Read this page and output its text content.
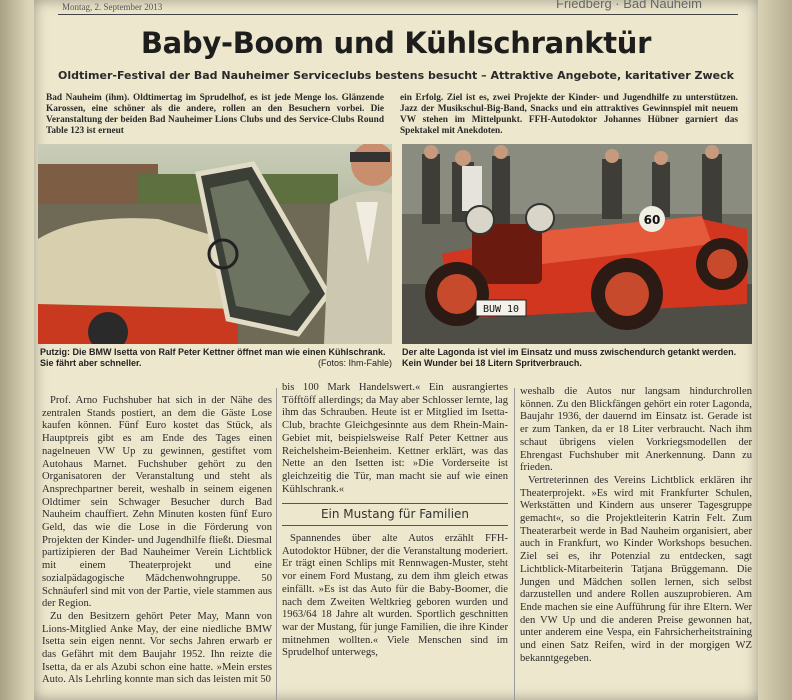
Montag, 2. September 2013	Friedberg · Bad Nauheim
Baby-Boom und Kühlschranktür
Oldtimer-Festival der Bad Nauheimer Serviceclubs bestens besucht – Attraktive Angebote, karitativer Zweck
Bad Nauheim (ihm). Oldtimertag im Sprudelhof, es ist jede Menge los. Glänzende Karossen, eine schöner als die andere, rollen an den Besuchern vorbei. Die Veranstaltung der beiden Bad Nauheimer Lions Clubs und des Service-Clubs Round Table 123 ist erneut
ein Erfolg. Ziel ist es, zwei Projekte der Kinder- und Jugendhilfe zu unterstützen. Jazz der Musikschul-Big-Band, Snacks und ein attraktives Gewinnspiel mit neuem VW stehen im Mittelpunkt. FFH-Autodoktor Johannes Hübner garniert das Spektakel mit Anekdoten.
60
BUW 10
Putzig: Die BMW Isetta von Ralf Peter Kettner öffnet man wie einen Kühlschrank. Sie fährt aber schneller.	(Fotos: Ihm-Fahle)
Der alte Lagonda ist viel im Einsatz und muss zwischendurch getankt werden. Kein Wunder bei 18 Litern Spritverbrauch.

Prof. Arno Fuchshuber hat sich in der Nähe des zentralen Stands postiert, an dem die Gäste Lose kaufen können. Fünf Euro kostet das Stück, als Hauptpreis gibt es am Ende des Tages einen nagelneuen VW Up zu gewinnen, gestiftet vom Autohaus Marnet. Fuchshuber gehört zu den Organisatoren der Veranstaltung und steht als Ansprechpartner bereit, weshalb in seinem eigenen Oldtimer sein Schwager Besucher durch Bad Nauheim chauffiert. Zehn Minuten kosten fünf Euro Geld, das wie die Lose in die Förderung von Projekten der Kinder- und Jugendhilfe fließt. Diesmal partizipieren der Bad Nauheimer Verein Lichtblick mit einem Theaterprojekt und eine sozialpädagogische Mädchenwohngruppe. 50 Schnäuferl sind mit von der Partie, viele stammen aus der Region.

Zu den Besitzern gehört Peter May, Mann von Lions-Mitglied Anke May, der eine niedliche BMW Isetta sein eigen nennt. Vor sechs Jahren erwarb er das Gefährt mit dem Baujahr 1952. Ihn reizte die Isetta, da er als Azubi schon eine hatte. »Mein erstes Auto. Als Lehrling konnte man sich das leisten mit 50

bis 100 Mark Handelswert.« Ein ausrangiertes Töfftöff allerdings; da May aber Schlosser lernte, lag ihm das Schrauben. Heute ist er Mitglied im Isetta-Club, brachte Gleichgesinnte aus dem Rhein-Main-Gebiet mit, beispielsweise Ralf Peter Kettner aus Reichelsheim-Beienheim. Kettner erklärt, was das Nette an den Isetten ist: »Die Vorderseite ist gleichzeitig die Tür, man macht sie auf wie einen Kühlschrank.«

Ein Mustang für Familien

Spannendes über alte Autos erzählt FFH-Autodoktor Hübner, der die Veranstaltung moderiert. Er trägt einen Schlips mit Rennwagen-Muster, steht vor einem Ford Mustang, zu dem ihm gleich etwas einfällt. »Es ist das Auto für die Baby-Boomer, die nach dem Zweiten Weltkrieg geboren wurden und 1963/64 18 Jahre alt wurden. Sportlich geschnitten war der Mustang, für junge Familien, die ihre Kinder mitnehmen wollten.« Viele Menschen sind im Sprudelhof unterwegs,

weshalb die Autos nur langsam hindurchrollen können. Zu den Blickfängen gehört ein roter Lagonda, Baujahr 1936, der dauernd im Einsatz ist. Gerade ist er zum Tanken, da er 18 Liter verbraucht. Nach ihm schaut übrigens vielen Vorkriegsmodellen der Ehrengast Fuchshuber mit Anerkennung. Dann zu frieden.

Vertreterinnen des Vereins Lichtblick erklären ihr Theaterprojekt. »Es wird mit Frankfurter Schulen, Werkstätten und Kindern aus unserer Tagesgruppe gemacht«, so die Projektleiterin Katrin Felt. Zum Theaterarbeit werde in Bad Nauheim organisiert, aber auch in Frankfurt, wo Kinder Workshops besuchen. Ziel sei es, ihr Potenzial zu entdecken, sagt Lichtblick-Mitarbeiterin Tatjana Brüggemann. Die Jungen und Mädchen sollen lernen, sich selbst darzustellen und andere Rollen auszuprobieren. Am Ende machen sie eine Aufführung für ihre Eltern. Wer den VW Up und die anderen Preise gewonnen hat, unter anderem eine Vespa, ein Fahrsicherheitstraining und einen Satz Reifen, wird in der morgigen WZ bekanntgegeben.
